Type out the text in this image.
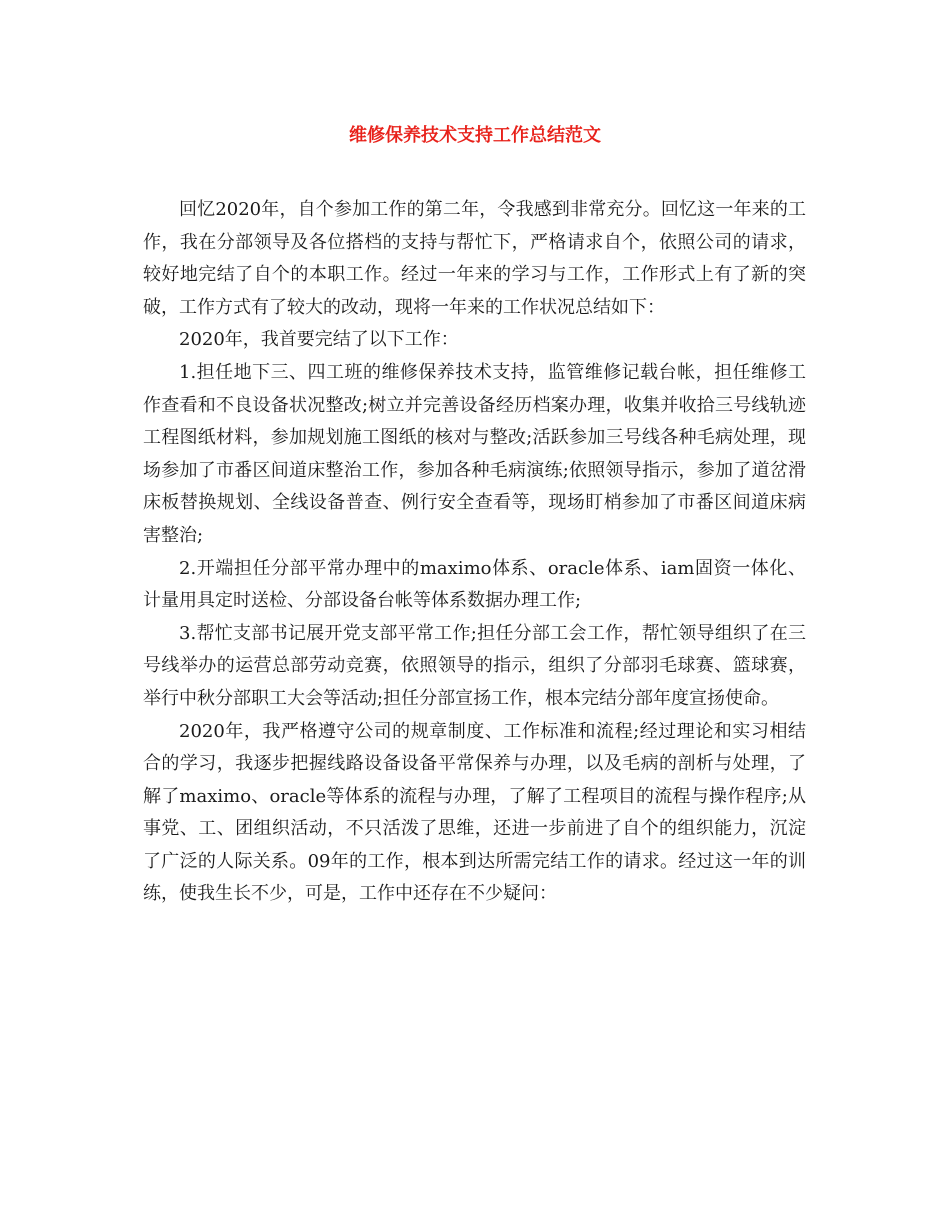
维修保养技术支持工作总结范文

回忆2020年，自个参加工作的第二年，令我感到非常充分。回忆这一年来的工作，我在分部领导及各位搭档的支持与帮忙下，严格请求自个，依照公司的请求，较好地完结了自个的本职工作。经过一年来的学习与工作，工作形式上有了新的突破，工作方式有了较大的改动，现将一年来的工作状况总结如下：

2020年，我首要完结了以下工作：

1.担任地下三、四工班的维修保养技术支持，监管维修记载台帐，担任维修工作查看和不良设备状况整改;树立并完善设备经历档案办理，收集并收拾三号线轨迹工程图纸材料，参加规划施工图纸的核对与整改;活跃参加三号线各种毛病处理，现场参加了市番区间道床整治工作，参加各种毛病演练;依照领导指示，参加了道岔滑床板替换规划、全线设备普查、例行安全查看等，现场盯梢参加了市番区间道床病害整治;

2.开端担任分部平常办理中的maximo体系、oracle体系、iam固资一体化、计量用具定时送检、分部设备台帐等体系数据办理工作;

3.帮忙支部书记展开党支部平常工作;担任分部工会工作，帮忙领导组织了在三号线举办的运营总部劳动竞赛，依照领导的指示，组织了分部羽毛球赛、篮球赛，举行中秋分部职工大会等活动;担任分部宣扬工作，根本完结分部年度宣扬使命。

2020年，我严格遵守公司的规章制度、工作标准和流程;经过理论和实习相结合的学习，我逐步把握线路设备设备平常保养与办理，以及毛病的剖析与处理，了解了maximo、oracle等体系的流程与办理，了解了工程项目的流程与操作程序;从事党、工、团组织活动，不只活泼了思维，还进一步前进了自个的组织能力，沉淀了广泛的人际关系。09年的工作，根本到达所需完结工作的请求。经过这一年的训练，使我生长不少，可是，工作中还存在不少疑问：
